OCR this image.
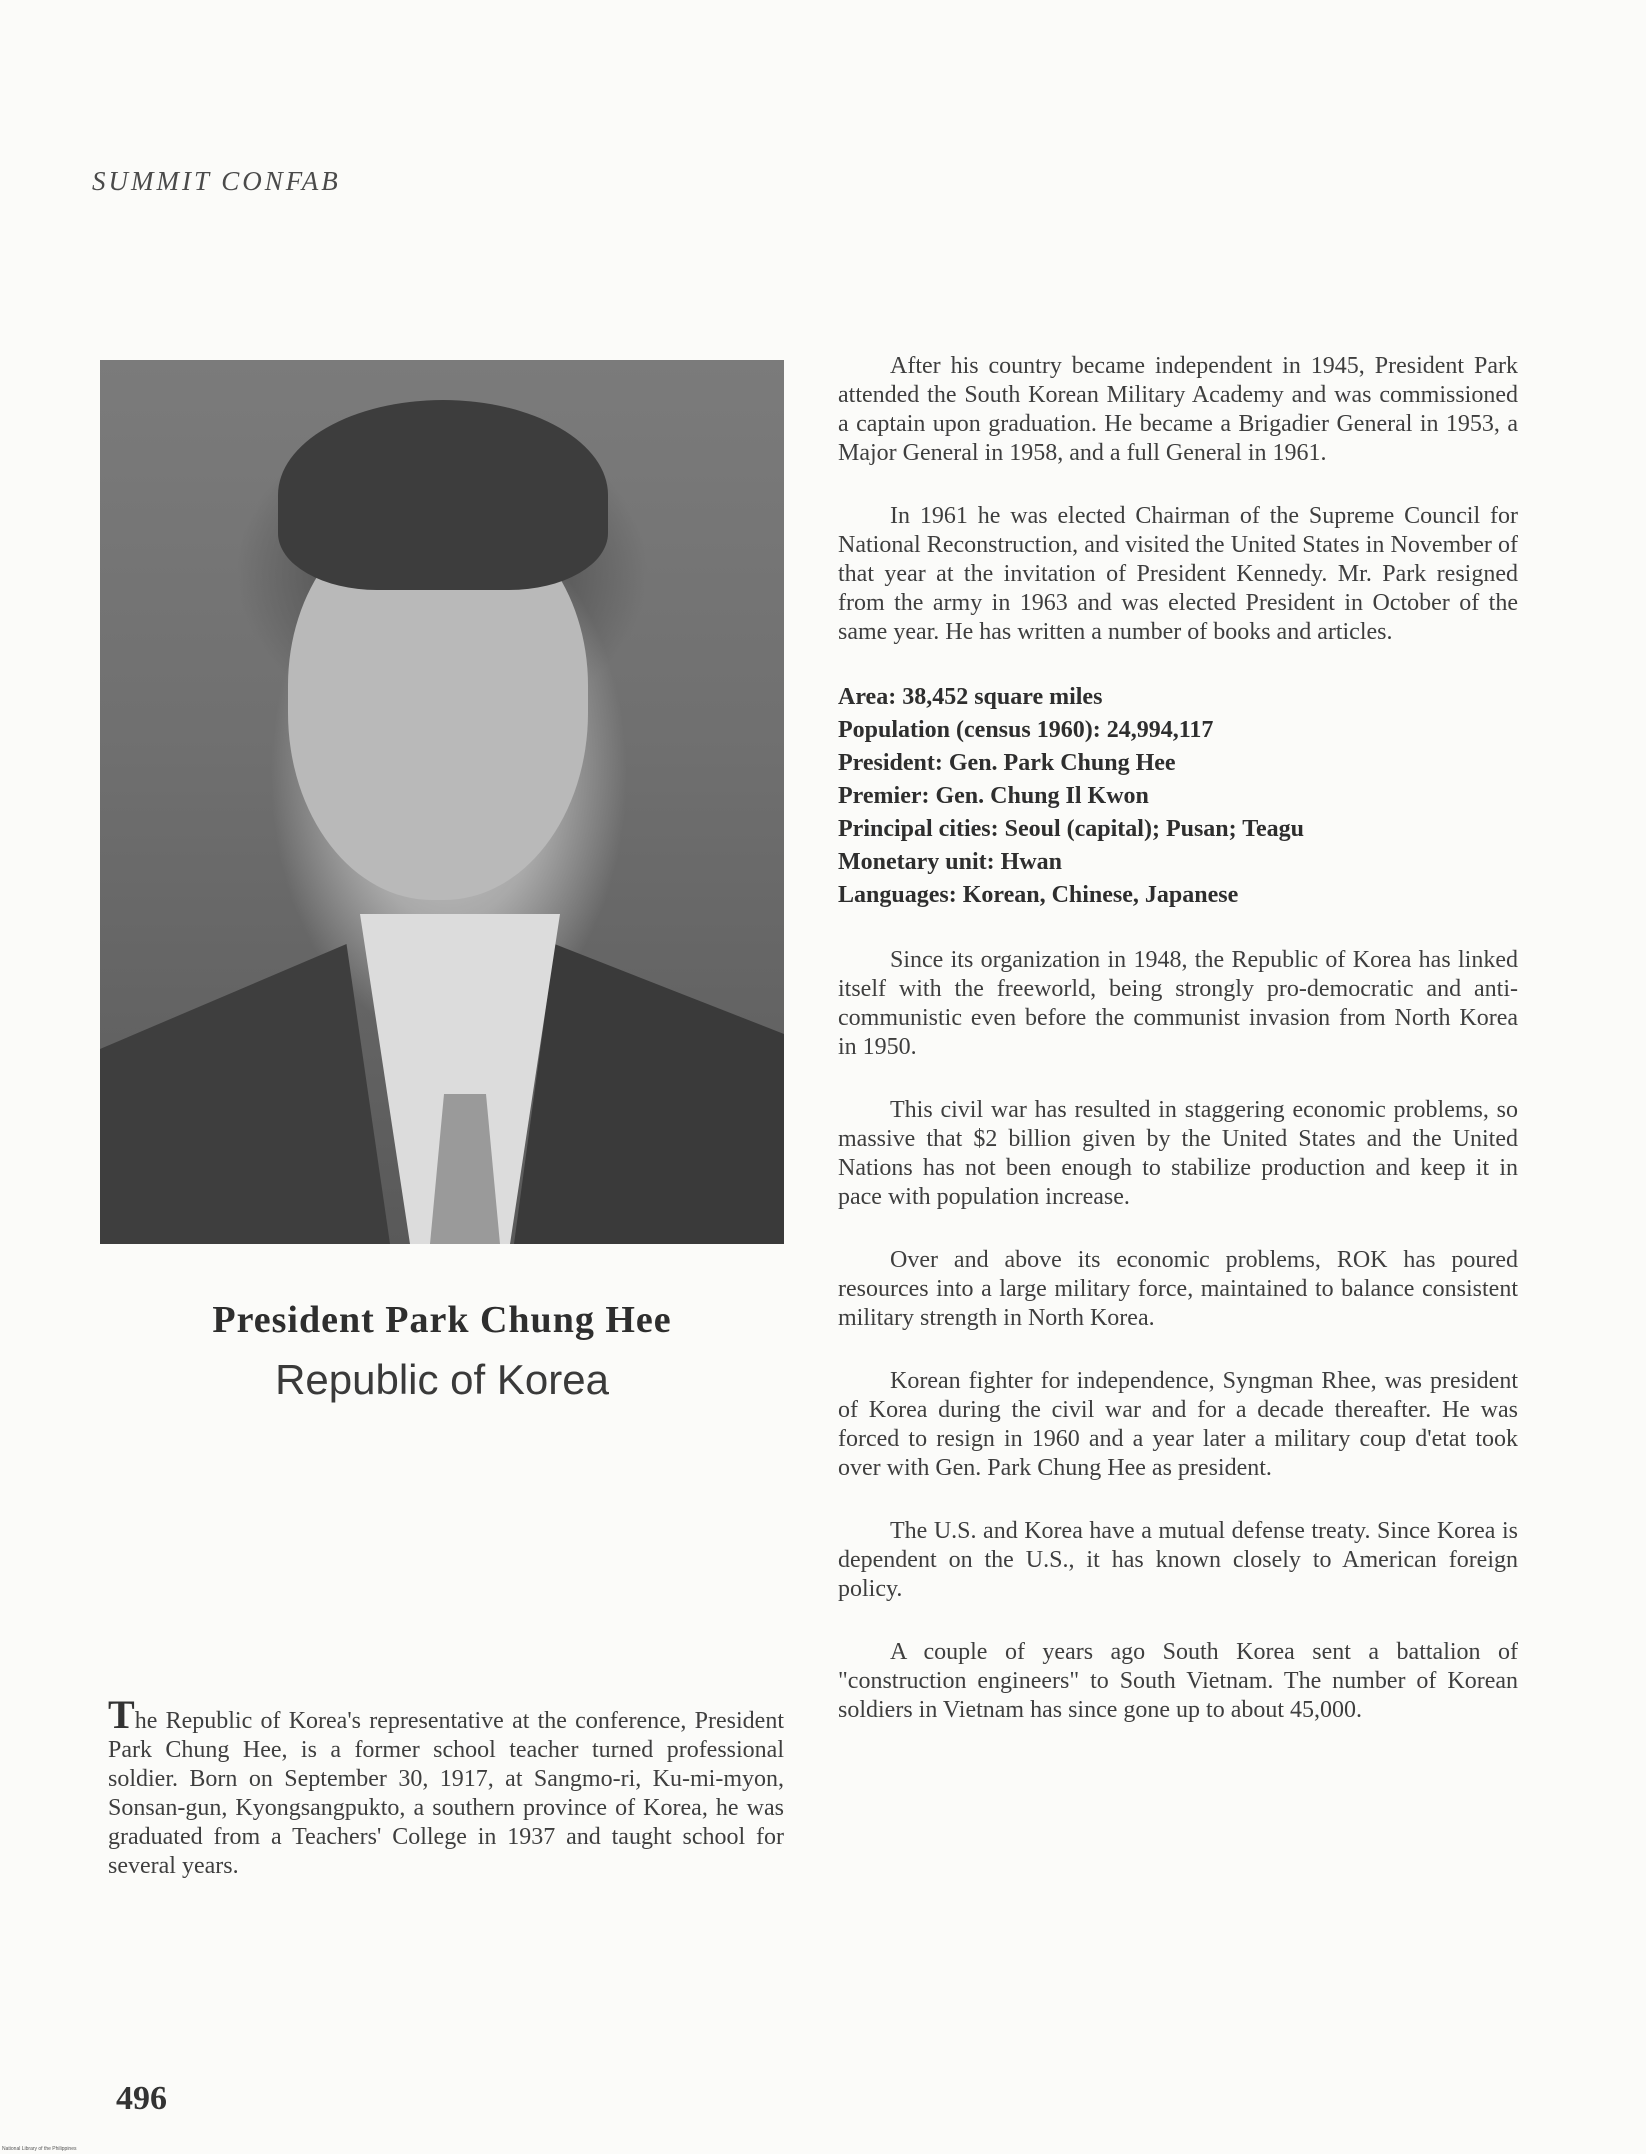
SUMMIT CONFAB
President Park Chung Hee
Republic of Korea

The Republic of Korea's representative at the conference, President Park Chung Hee, is a former school teacher turned professional soldier. Born on September 30, 1917, at Sangmo-ri, Ku-mi-myon, Sonsan-gun, Kyongsangpukto, a southern province of Korea, he was graduated from a Teachers' College in 1937 and taught school for several years.

After his country became independent in 1945, President Park attended the South Korean Military Academy and was commissioned a captain upon graduation. He became a Brigadier General in 1953, a Major General in 1958, and a full General in 1961.

In 1961 he was elected Chairman of the Supreme Council for National Reconstruction, and visited the United States in November of that year at the invitation of President Kennedy. Mr. Park resigned from the army in 1963 and was elected President in October of the same year. He has written a number of books and articles.

Area: 38,452 square miles
Population (census 1960): 24,994,117
President: Gen. Park Chung Hee
Premier: Gen. Chung Il Kwon
Principal cities: Seoul (capital); Pusan; Teagu
Monetary unit: Hwan
Languages: Korean, Chinese, Japanese

Since its organization in 1948, the Republic of Korea has linked itself with the freeworld, being strongly pro-democratic and anti-communistic even before the communist invasion from North Korea in 1950.

This civil war has resulted in staggering economic problems, so massive that $2 billion given by the United States and the United Nations has not been enough to stabilize production and keep it in pace with population increase.

Over and above its economic problems, ROK has poured resources into a large military force, maintained to balance consistent military strength in North Korea.

Korean fighter for independence, Syngman Rhee, was president of Korea during the civil war and for a decade thereafter. He was forced to resign in 1960 and a year later a military coup d'etat took over with Gen. Park Chung Hee as president.

The U.S. and Korea have a mutual defense treaty. Since Korea is dependent on the U.S., it has known closely to American foreign policy.

A couple of years ago South Korea sent a battalion of "construction engineers" to South Vietnam. The number of Korean soldiers in Vietnam has since gone up to about 45,000.

496
National Library of the Philippines
